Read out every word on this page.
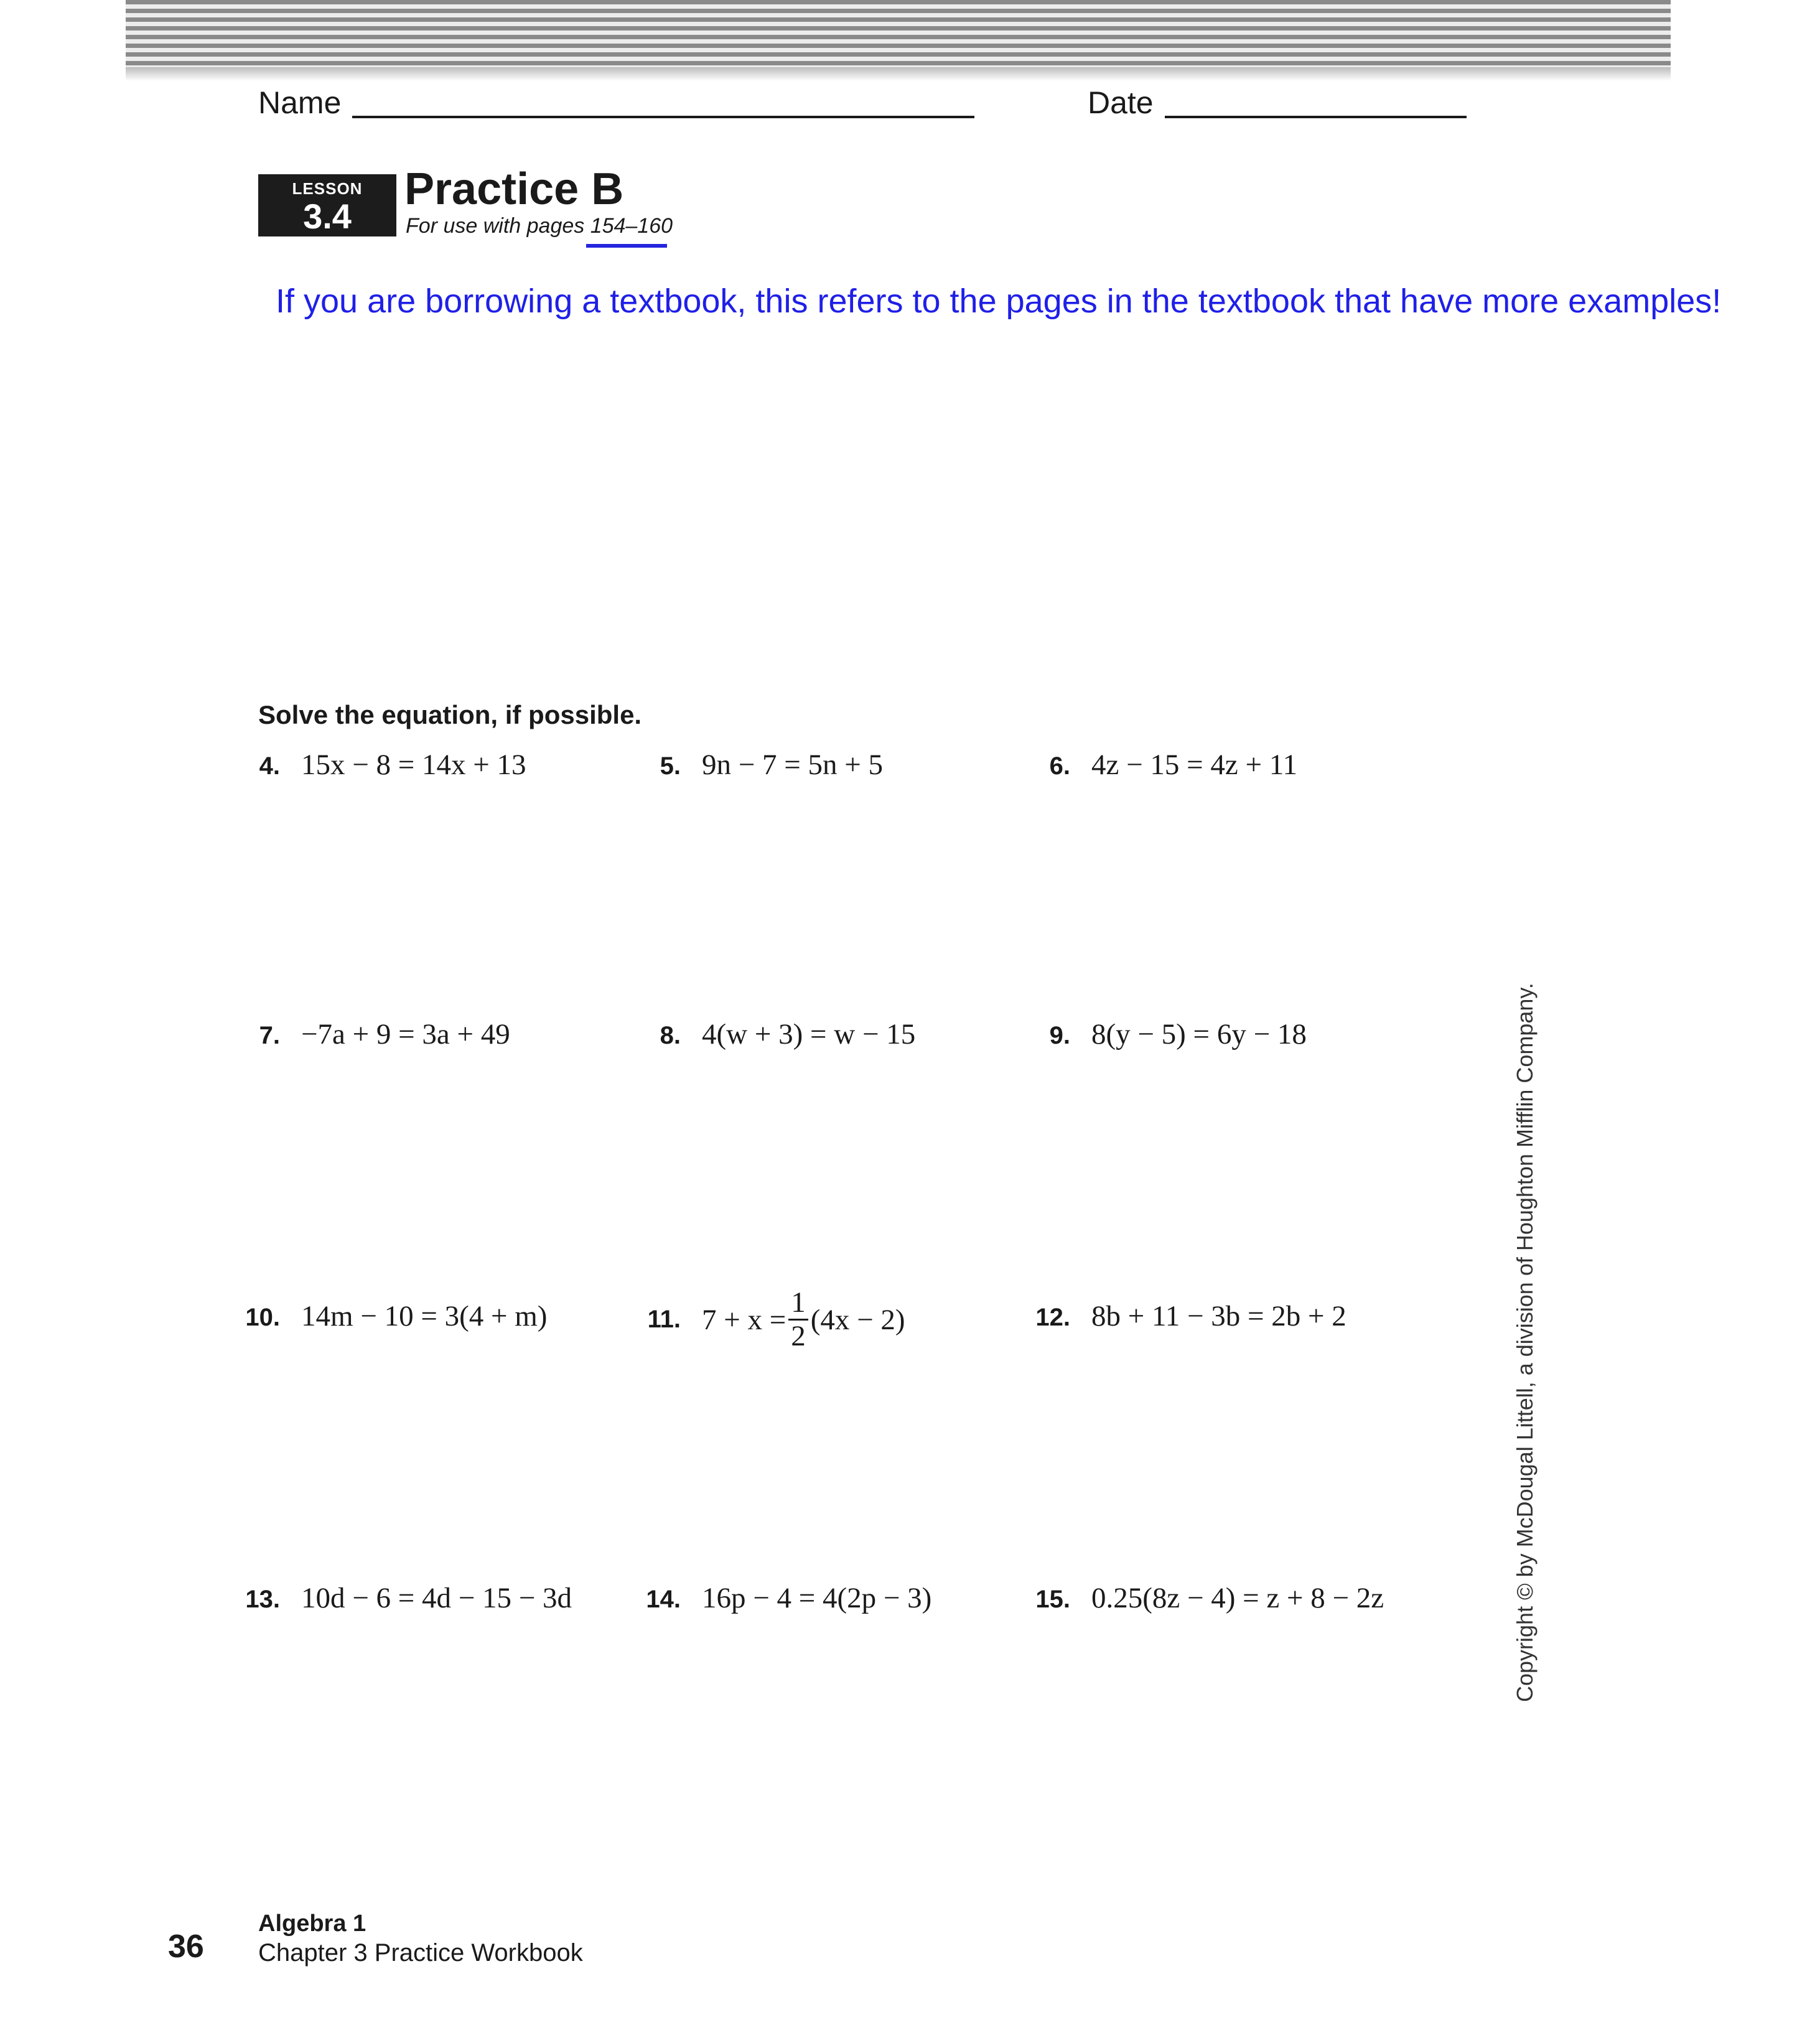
Name	Date
LESSON
3.4
Practice B
For use with pages 154–160
If you are borrowing a textbook, this refers to the pages in the textbook that have more examples!
Solve the equation, if possible.
4. 15x − 8 = 14x + 13	5. 9n − 7 = 5n + 5	6. 4z − 15 = 4z + 11
7. −7a + 9 = 3a + 49	8. 4(w + 3) = w − 15	9. 8(y − 5) = 6y − 18
10. 14m − 10 = 3(4 + m)	11. $7 + x = \frac{1}{2} (4x - 2)$	12. 8b + 11 − 3b = 2b + 2
13. 10d − 6 = 4d − 15 − 3d	14. 16p − 4 = 4(2p − 3)	15. 0.25(8z − 4) = z + 8 − 2z	Copyright © by McDougal Littell, a division of Houghton Mifflin Company.
36
Algebra 1
Chapter 3 Practice Workbook
